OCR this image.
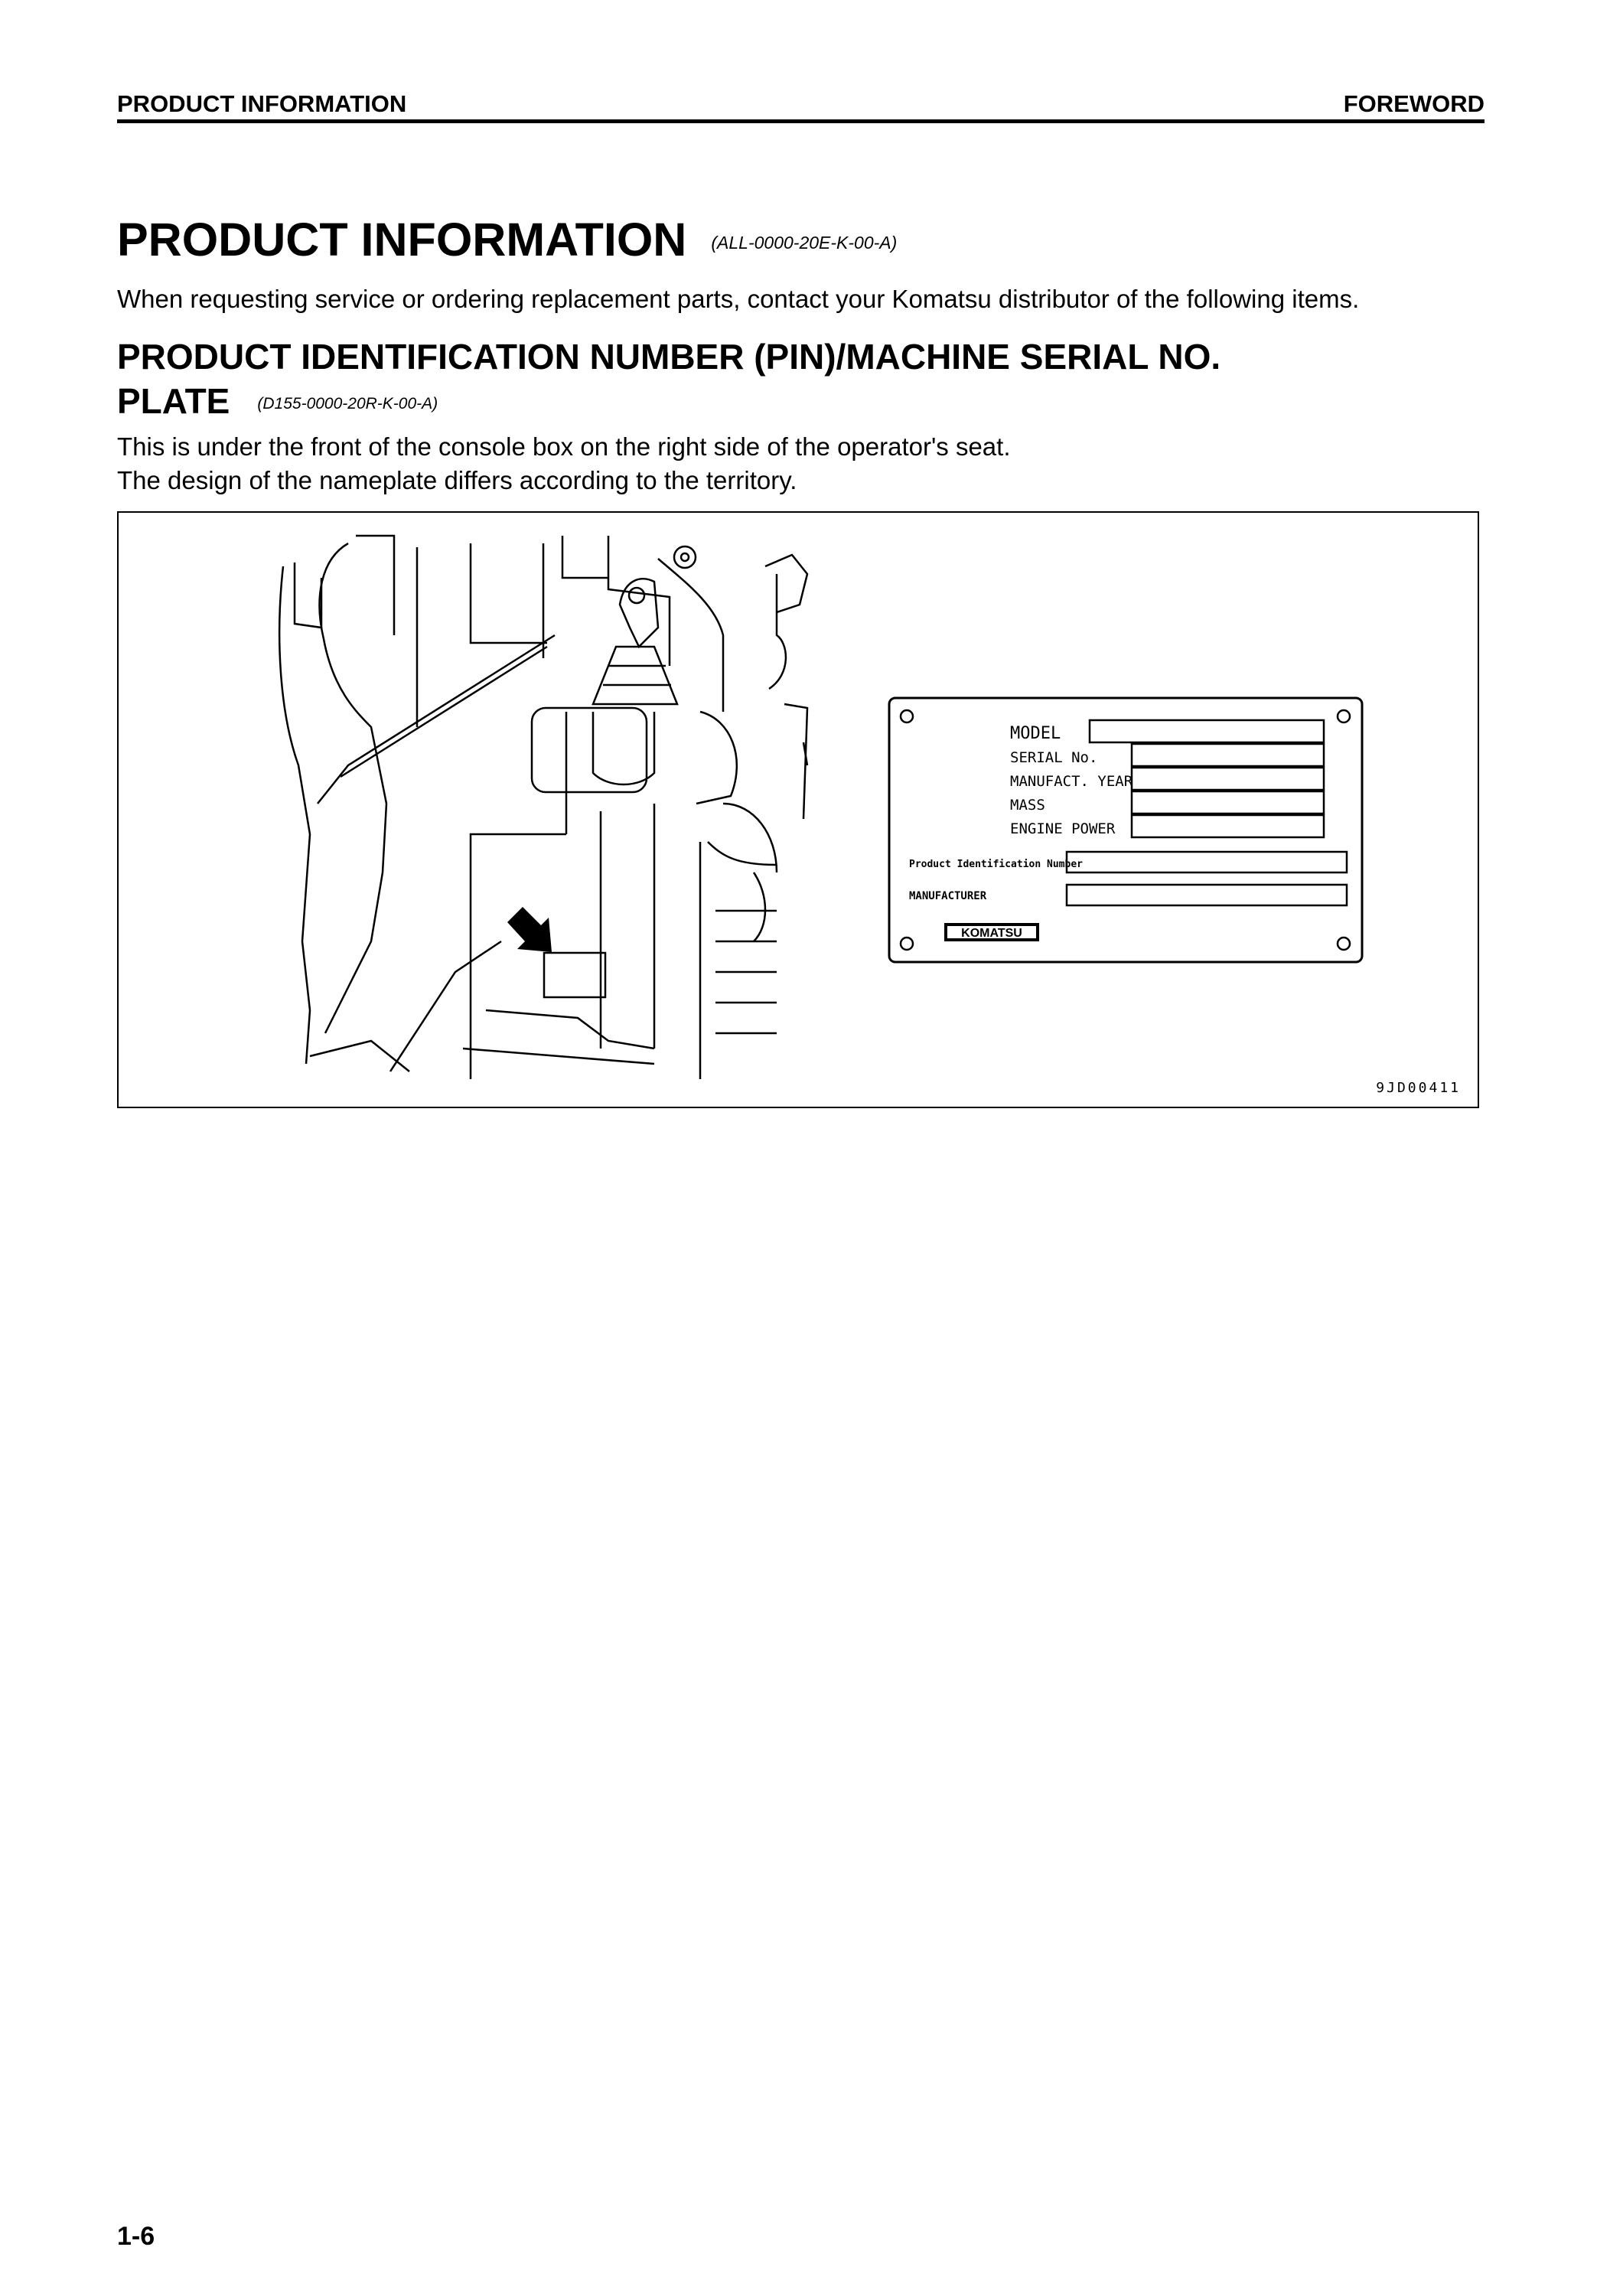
PRODUCT INFORMATION	FOREWORD
PRODUCT INFORMATION (ALL-0000-20E-K-00-A)
When requesting service or ordering replacement parts, contact your Komatsu distributor of the following items.
PRODUCT IDENTIFICATION NUMBER (PIN)/MACHINE SERIAL NO.
PLATE (D155-0000-20R-K-00-A)
This is under the front of the console box on the right side of the operator's seat.
The design of the nameplate differs according to the territory.
MODEL
SERIAL No.
MANUFACT. YEAR
MASS
ENGINE POWER
Product Identification Number
MANUFACTURER
KOMATSU
9JD00411
1-6
